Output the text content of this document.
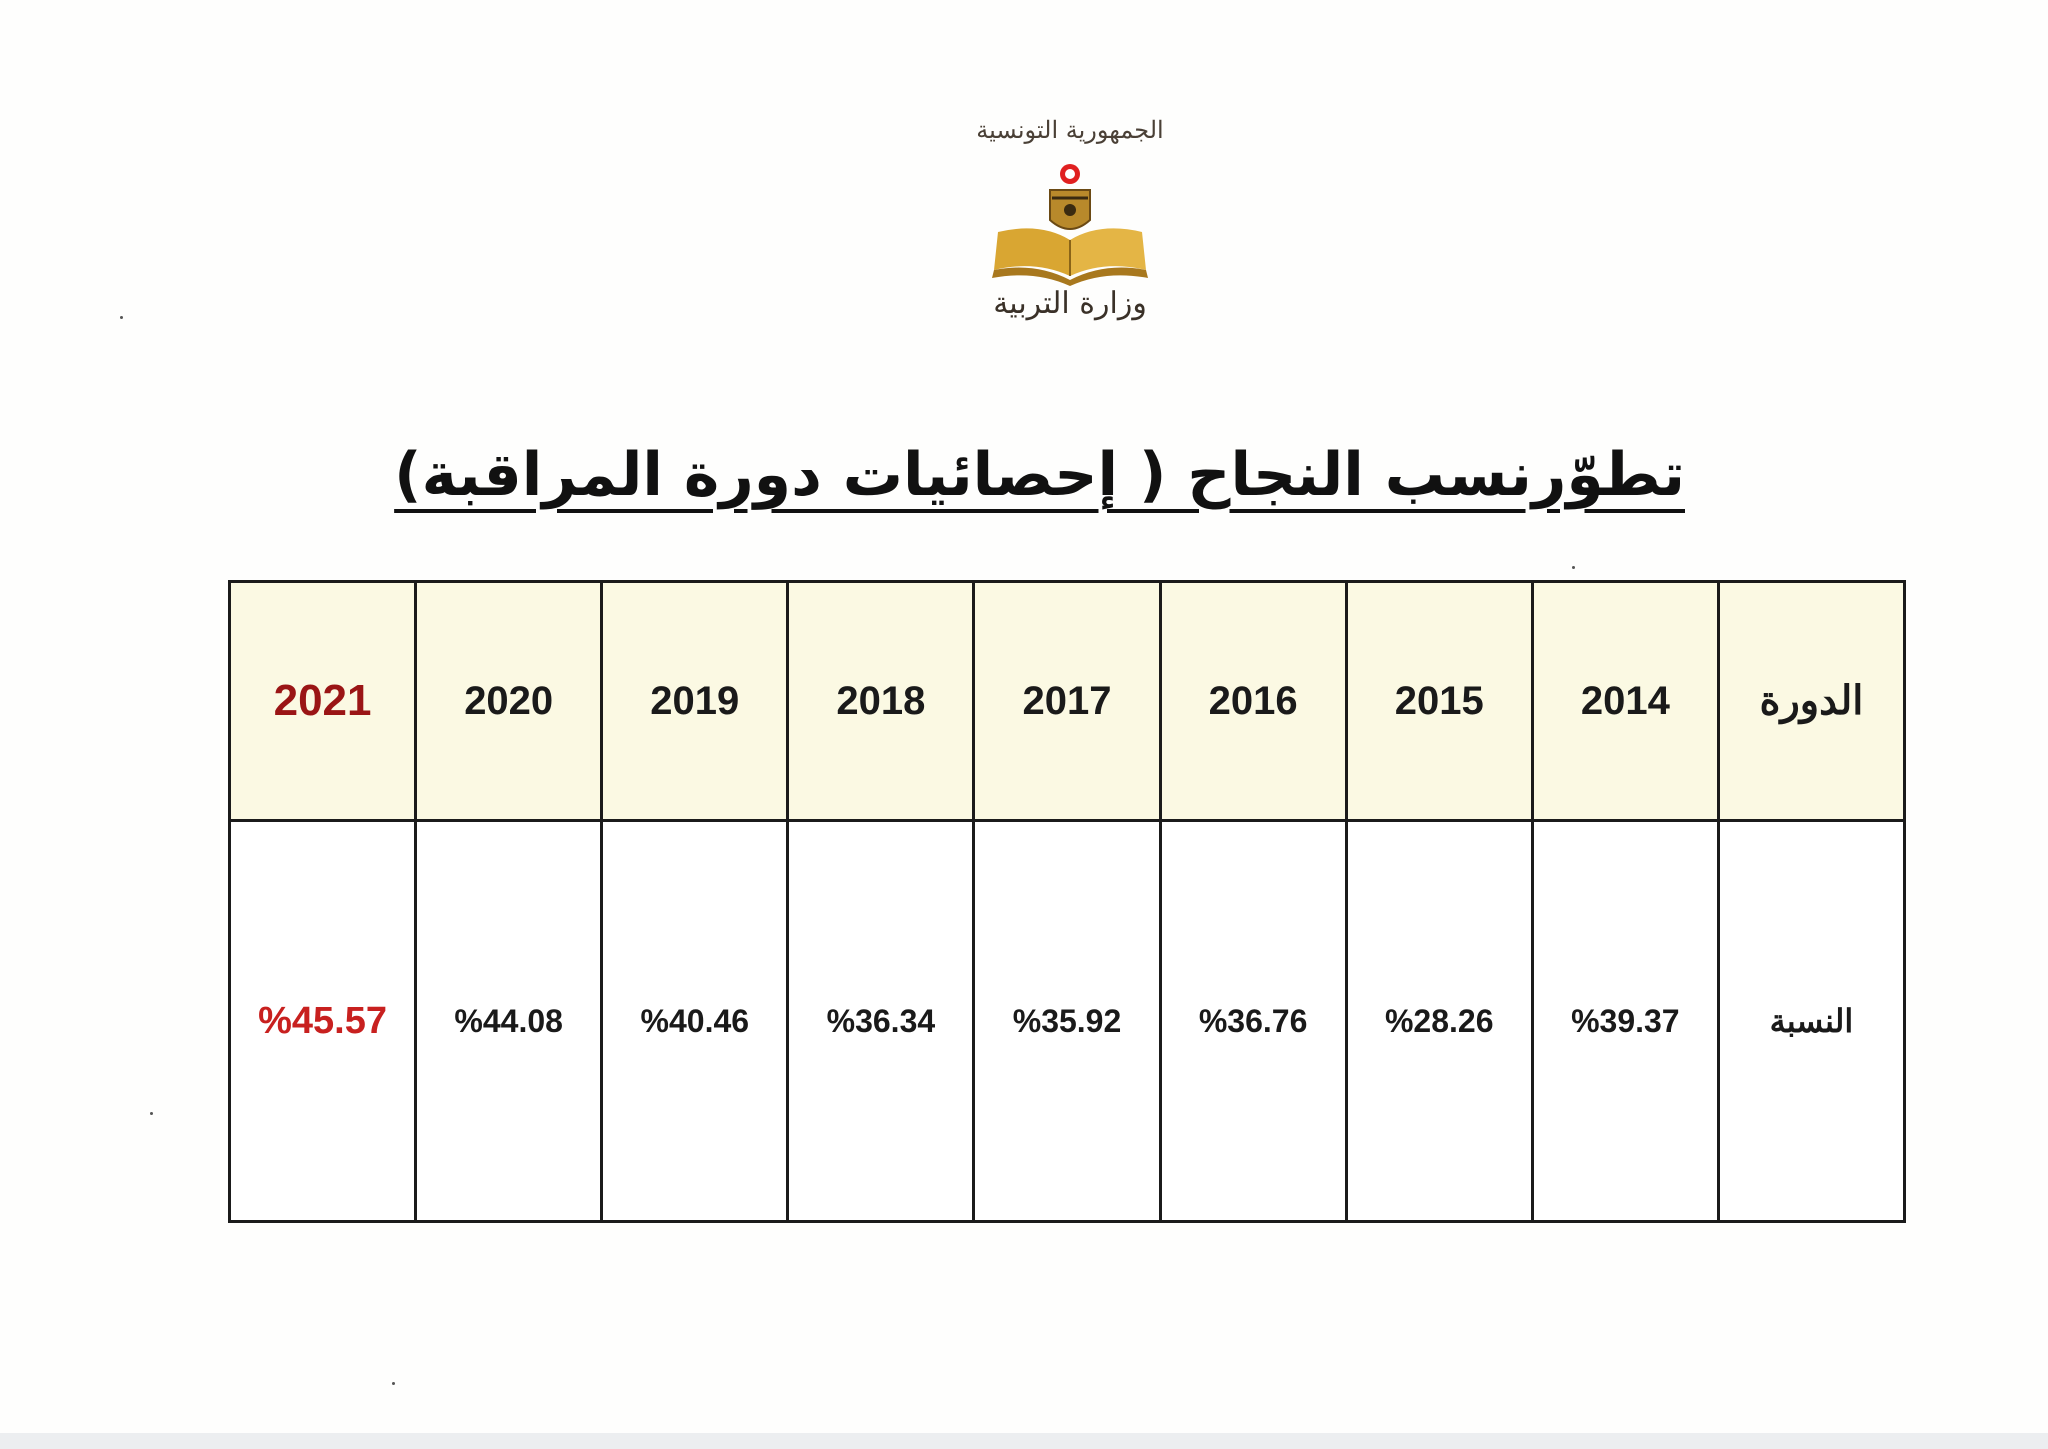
الجمهورية التونسية
وزارة التربية
تطوّرنسب النجاح ( إحصائيات دورة المراقبة)
الدورة	2014	2015	2016	2017	2018	2019	2020	2021
النسبة	%39.37	%28.26	%36.76	%35.92	%36.34	%40.46	%44.08	%45.57
